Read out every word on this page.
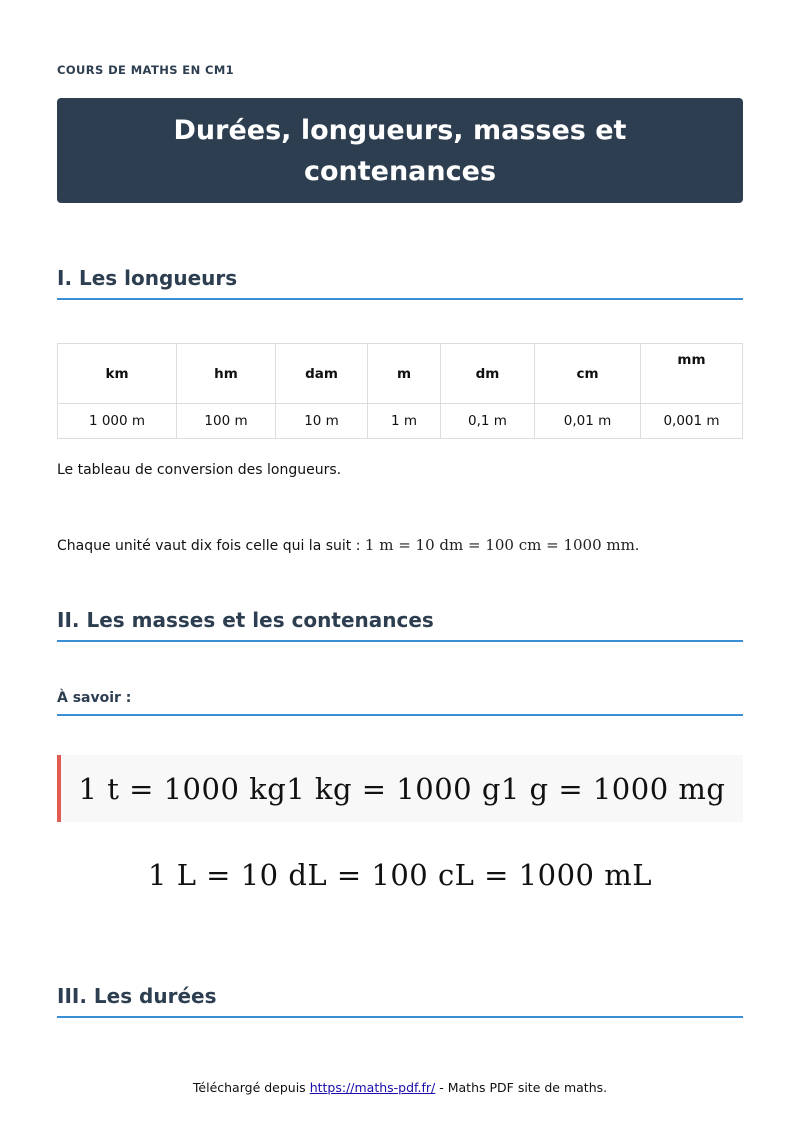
COURS DE MATHS EN CM1
Durées, longueurs, masses et contenances
I. Les longueurs
km	hm	dam	m	dm	cm	mm
1 000 m	100 m	10 m	1 m	0,1 m	0,01 m	0,001 m

Le tableau de conversion des longueurs.

Chaque unité vaut dix fois celle qui la suit : 1 m = 10 dm = 100 cm = 1000 mm.

II. Les masses et les contenances
À savoir :
1 t = 1000 kg1 kg = 1000 g1 g = 1000 mg
1 L = 10 dL = 100 cL = 1000 mL
III. Les durées
Téléchargé depuis https://maths-pdf.fr/ - Maths PDF site de maths.
